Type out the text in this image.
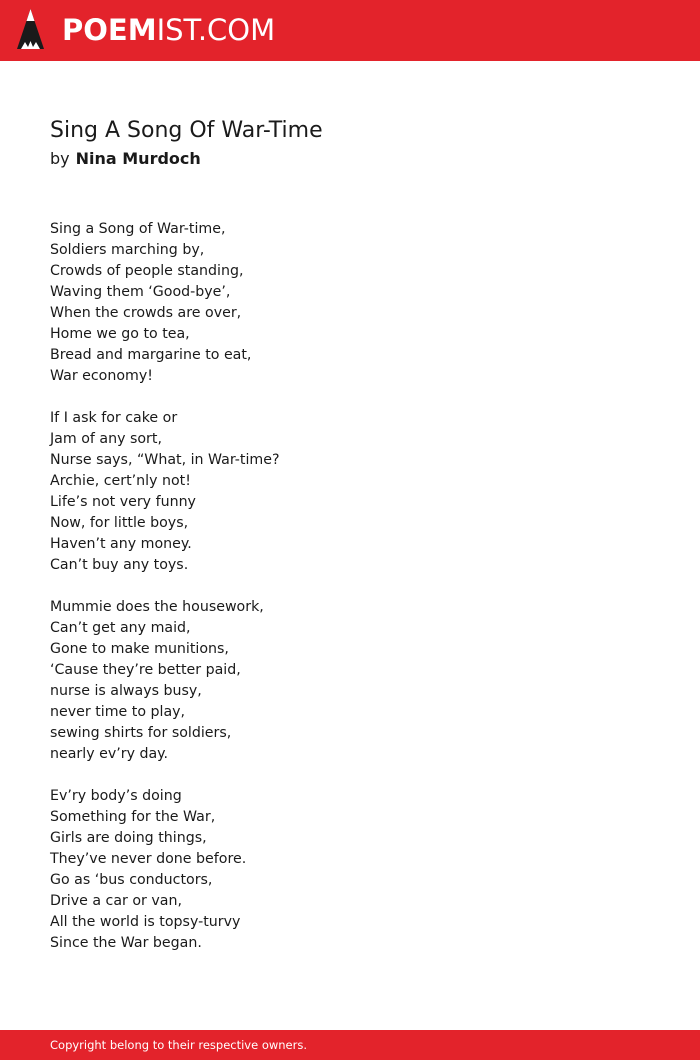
POEMIST.COM
Sing A Song Of War-Time
by Nina Murdoch
Sing a Song of War-time,
Soldiers marching by,
Crowds of people standing,
Waving them ‘Good-bye’,
When the crowds are over,
Home we go to tea,
Bread and margarine to eat,
War economy!
If I ask for cake or
Jam of any sort,
Nurse says, “What, in War-time?
Archie, cert’nly not!
Life’s not very funny
Now, for little boys,
Haven’t any money.
Can’t buy any toys.
Mummie does the housework,
Can’t get any maid,
Gone to make munitions,
‘Cause they’re better paid,
nurse is always busy,
never time to play,
sewing shirts for soldiers,
nearly ev’ry day.
Ev’ry body’s doing
Something for the War,
Girls are doing things,
They’ve never done before.
Go as ‘bus conductors,
Drive a car or van,
All the world is topsy-turvy
Since the War began.
Copyright belong to their respective owners.
